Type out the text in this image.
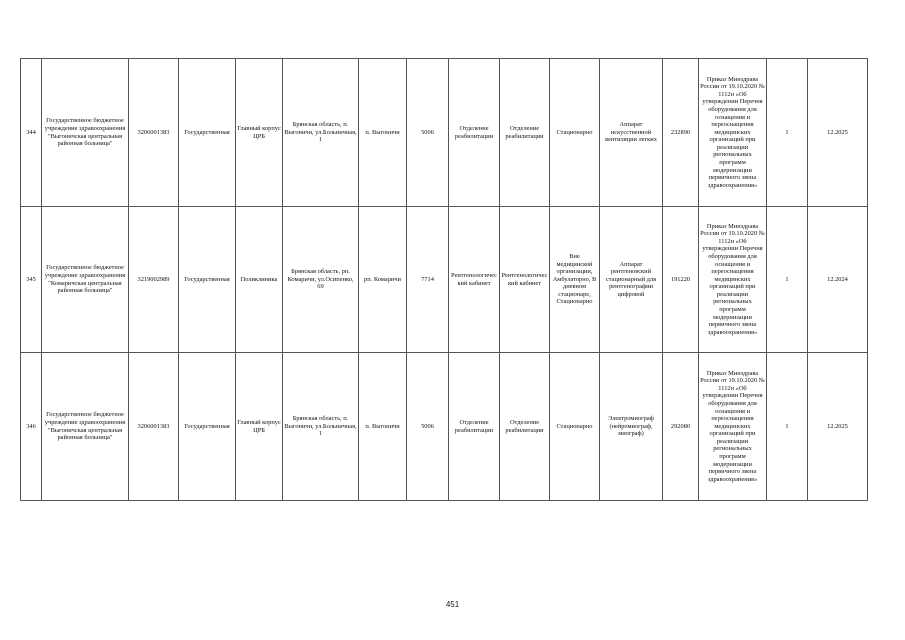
344	Государственное бюджетное учреждение здравоохранения "Выгоничская центральная районная больница"	3206001383	Государственная	Главный корпус ЦРБ	Брянская область, п. Выгоничи, ул.Больничная, 1	п. Выгоничи	5006	Отделение реабилитации	Отделение реабилитации	Стационарно	Аппарат искусственной вентиляции легких	232890	Приказ Минздрава России от 19.10.2020 № 1112н «Об утверждении Перечня оборудования для оснащения и переоснащения медицинских организаций при реализации региональных программ модернизации первичного звена здравоохранения»	1	12.2025
345	Государственное бюджетное учреждение здравоохранения "Комаричская центральная районная больница"	3219002989	Государственная	Поликлиника	Брянская область, рп. Комаричи, ул.Осипенко, 69	рп. Комаричи	7714	Рентгенологический кабинет	Рентгенологический кабинет	Вне медицинской организации, Амбулаторно, В дневном стационаре, Стационарно	Аппарат рентгеновский стационарный для рентгенографии цифровой	191220	Приказ Минздрава России от 19.10.2020 № 1112н «Об утверждении Перечня оборудования для оснащения и переоснащения медицинских организаций при реализации региональных программ модернизации первичного звена здравоохранения»	1	12.2024
346	Государственное бюджетное учреждение здравоохранения "Выгоничская центральная районная больница"	3206001383	Государственная	Главный корпус ЦРБ	Брянская область, п. Выгоничи, ул.Больничная, 1	п. Выгоничи	5006	Отделение реабилитации	Отделение реабилитации	Стационарно	Электромиограф (нейромиограф, миограф)	292080	Приказ Минздрава России от 19.10.2020 № 1112н «Об утверждении Перечня оборудования для оснащения и переоснащения медицинских организаций при реализации региональных программ модернизации первичного звена здравоохранения»	1	12.2025
451
